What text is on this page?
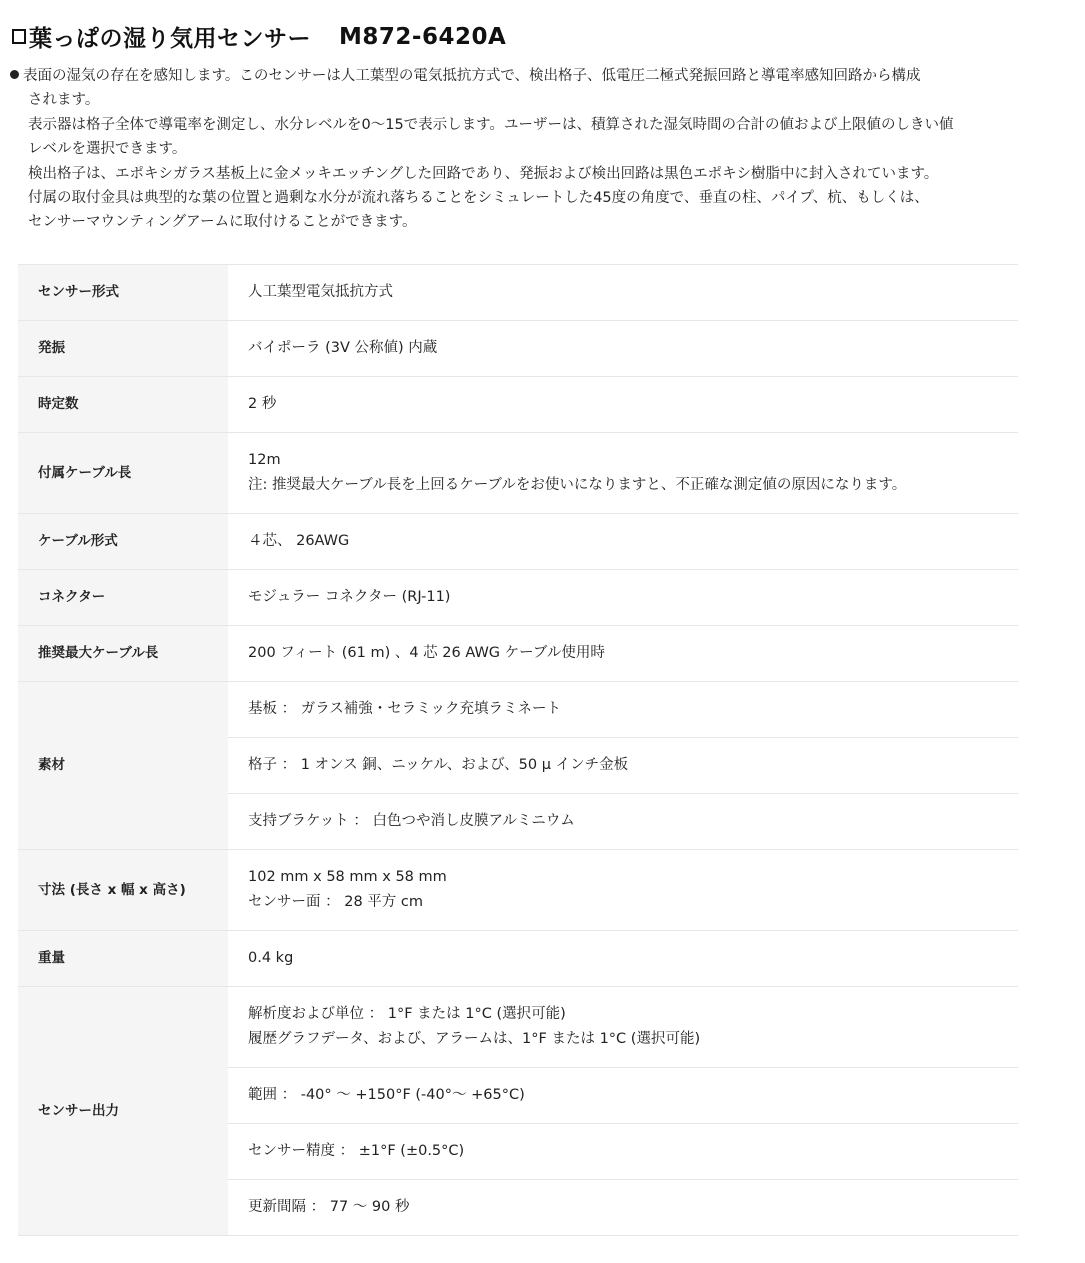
葉っぱの湿り気用センサー M872-6420A
表面の湿気の存在を感知します。このセンサーは人工葉型の電気抵抗方式で、検出格子、低電圧二極式発振回路と導電率感知回路から構成
されます。
表示器は格子全体で導電率を測定し、水分レベルを0～15で表示します。ユーザーは、積算された湿気時間の合計の値および上限値のしきい値
レベルを選択できます。
検出格子は、エポキシガラス基板上に金メッキエッチングした回路であり、発振および検出回路は黒色エポキシ樹脂中に封入されています。
付属の取付金具は典型的な葉の位置と過剰な水分が流れ落ちることをシミュレートした45度の角度で、垂直の柱、パイプ、杭、もしくは、
センサーマウンティングアームに取付けることができます。
センサー形式	人工葉型電気抵抗方式
発振	バイポーラ (3V 公称値) 内蔵
時定数	2 秒
付属ケーブル長	12m
注: 推奨最大ケーブル長を上回るケーブルをお使いになりますと、不正確な測定値の原因になります。

ケーブル形式	４芯、 26AWG
コネクター	モジュラー コネクター (RJ-11)
推奨最大ケーブル長	200 フィート (61 m) 、4 芯 26 AWG ケーブル使用時
素材	基板 ： ガラス補強・セラミック充填ラミネート
	格子 ： 1 オンス 銅、ニッケル、および、50 μ インチ金板
	支持ブラケット ： 白色つや消し皮膜アルミニウム
寸法 (長さ x 幅 x 高さ)	102 mm x 58 mm x 58 mm
センサー面 ： 28 平方 cm

重量	0.4 kg
センサー出力	解析度および単位 ： 1°F または 1°C (選択可能)
履歴グラフデータ、および、アラームは、1°F または 1°C (選択可能)

	範囲 ： -40° ～ +150°F (-40°～ +65°C)
	センサー精度 ： ±1°F (±0.5°C)
	更新間隔 ： 77 ～ 90 秒
